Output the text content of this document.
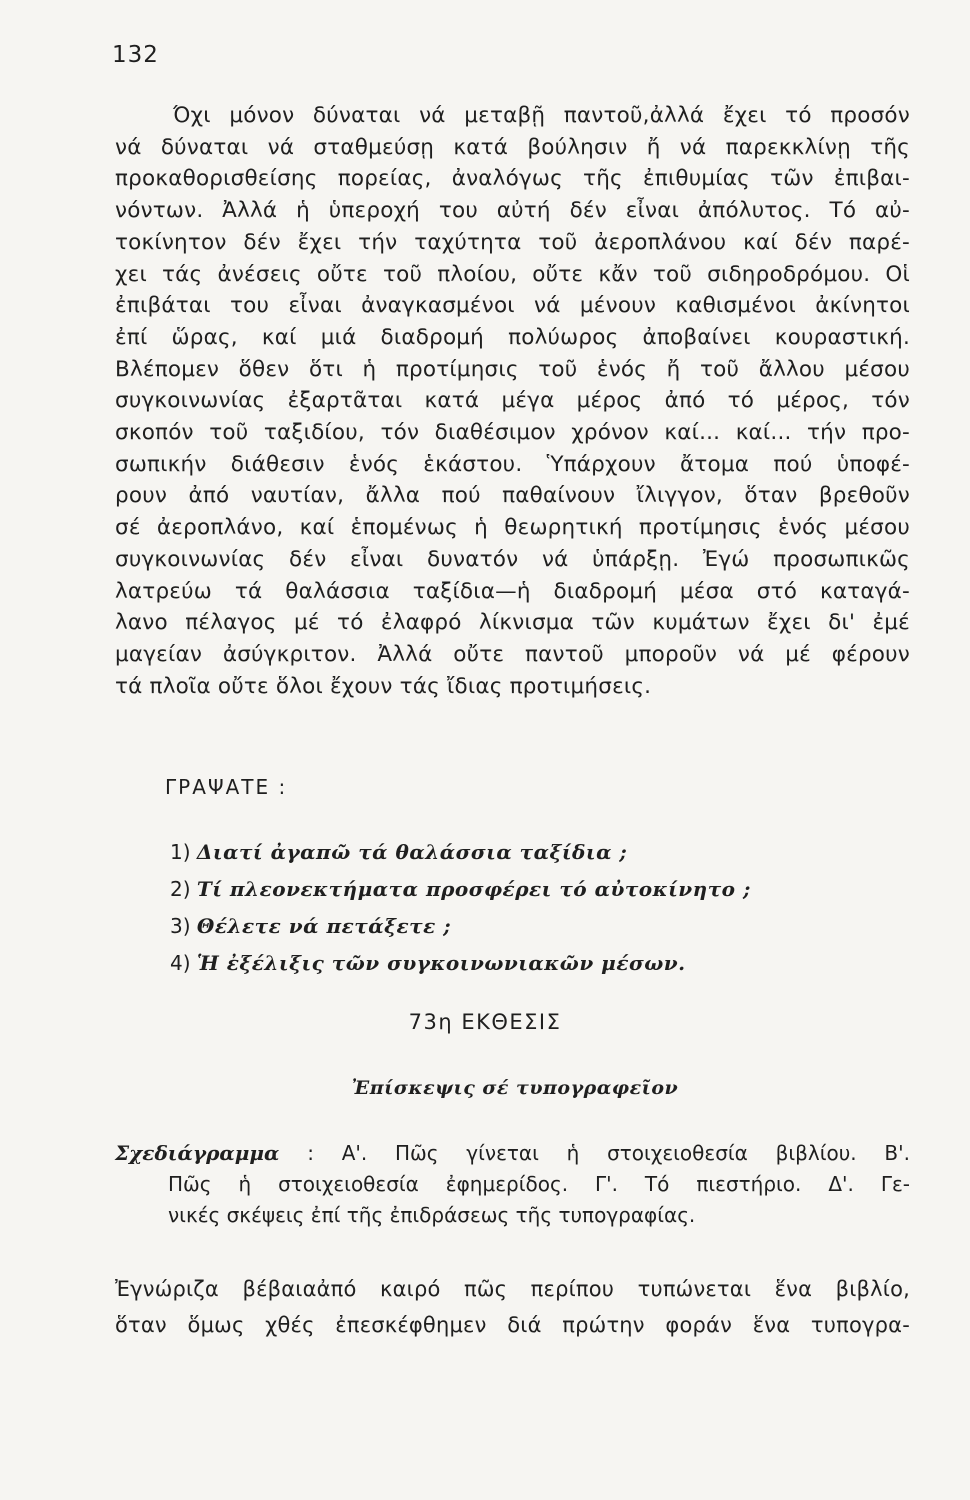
132
Όχι μόνον δύναται νά μεταβῇ παντοῦ,ἀλλά ἔχει τό προσόν
νά δύναται νά σταθμεύσῃ κατά βούλησιν ἤ νά παρεκκλίνῃ τῆς
προκαθορισθείσης πορείας, ἀναλόγως τῆς ἐπιθυμίας τῶν ἐπιβαι-
νόντων. Ἀλλά ἡ ὑπεροχή του αὐτή δέν εἶναι ἀπόλυτος. Τό αὐ-
τοκίνητον δέν ἔχει τήν ταχύτητα τοῦ ἀεροπλάνου καί δέν παρέ-
χει τάς ἀνέσεις οὔτε τοῦ πλοίου, οὔτε κἄν τοῦ σιδηροδρόμου. Οἱ
ἐπιβάται του εἶναι ἀναγκασμένοι νά μένουν καθισμένοι ἀκίνητοι
ἐπί ὥρας, καί μιά διαδρομή πολύωρος ἀποβαίνει κουραστική.
Βλέπομεν ὅθεν ὅτι ἡ προτίμησις τοῦ ἑνός ἤ τοῦ ἄλλου μέσου
συγκοινωνίας ἐξαρτᾶται κατά μέγα μέρος ἀπό τό μέρος, τόν
σκοπόν τοῦ ταξιδίου, τόν διαθέσιμον χρόνον καί... καί... τήν προ-
σωπικήν διάθεσιν ἑνός ἑκάστου. Ὑπάρχουν ἄτομα πού ὑποφέ-
ρουν ἀπό ναυτίαν, ἄλλα πού παθαίνουν ἴλιγγον, ὅταν βρεθοῦν
σέ ἀεροπλάνο, καί ἑπομένως ἡ θεωρητική προτίμησις ἑνός μέσου
συγκοινωνίας δέν εἶναι δυνατόν νά ὑπάρξῃ. Ἐγώ προσωπικῶς
λατρεύω τά θαλάσσια ταξίδια—ἡ διαδρομή μέσα στό καταγά-
λανο πέλαγος μέ τό ἐλαφρό λίκνισμα τῶν κυμάτων ἔχει δι' ἐμέ
μαγείαν ἀσύγκριτον. Ἀλλά οὔτε παντοῦ μποροῦν νά μέ φέρουν
τά πλοῖα οὔτε ὅλοι ἔχουν τάς ἴδιας προτιμήσεις.
ΓΡΑΨΑΤΕ :
1) Διατί ἀγαπῶ τά θαλάσσια ταξίδια ;
2) Τί πλεονεκτήματα προσφέρει τό αὐτοκίνητο ;
3) Θέλετε νά πετάξετε ;
4) Ἡ ἐξέλιξις τῶν συγκοινωνιακῶν μέσων.
73η ΕΚΘΕΣΙΣ
Ἐπίσκεψις σέ τυπογραφεῖον
Σχεδιάγραμμα : Α'. Πῶς γίνεται ἡ στοιχειοθεσία βιβλίου. Β'.
Πῶς ἡ στοιχειοθεσία ἐφημερίδος. Γ'. Τό πιεστήριο. Δ'. Γε-
νικές σκέψεις ἐπί τῆς ἐπιδράσεως τῆς τυπογραφίας.
Ἐγνώριζα βέβαιαἀπό καιρό πῶς περίπου τυπώνεται ἕνα βιβλίο,
ὅταν ὅμως χθές ἐπεσκέφθημεν διά πρώτην φοράν ἕνα τυπογρα-
